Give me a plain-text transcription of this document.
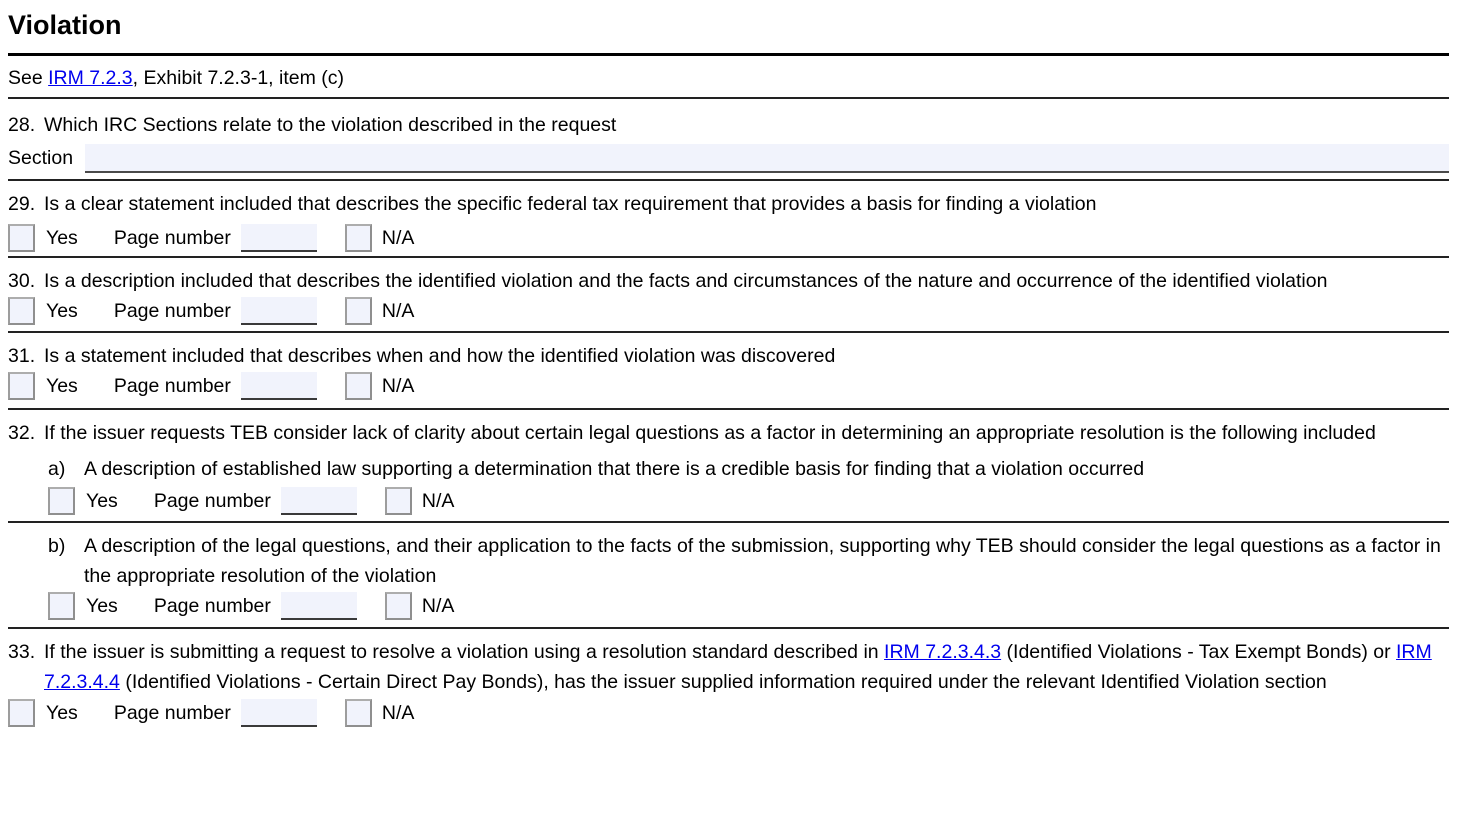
Violation
See IRM 7.2.3, Exhibit 7.2.3-1, item (c)
28. Which IRC Sections relate to the violation described in the request
Section
29. Is a clear statement included that describes the specific federal tax requirement that provides a basis for finding a violation
Yes Page number	N/A
30. Is a description included that describes the identified violation and the facts and circumstances of the nature and occurrence of the identified violation
Yes Page number	N/A
31. Is a statement included that describes when and how the identified violation was discovered
Yes Page number	N/A
32. If the issuer requests TEB consider lack of clarity about certain legal questions as a factor in determining an appropriate resolution is the following included
a) A description of established law supporting a determination that there is a credible basis for finding that a violation occurred
Yes Page number	N/A
b) A description of the legal questions, and their application to the facts of the submission, supporting why TEB should consider the legal questions as a factor in the appropriate resolution of the violation
Yes Page number	N/A
33. If the issuer is submitting a request to resolve a violation using a resolution standard described in IRM 7.2.3.4.3 (Identified Violations - Tax Exempt Bonds) or IRM 7.2.3.4.4 (Identified Violations - Certain Direct Pay Bonds), has the issuer supplied information required under the relevant Identified Violation section
Yes Page number	N/A
